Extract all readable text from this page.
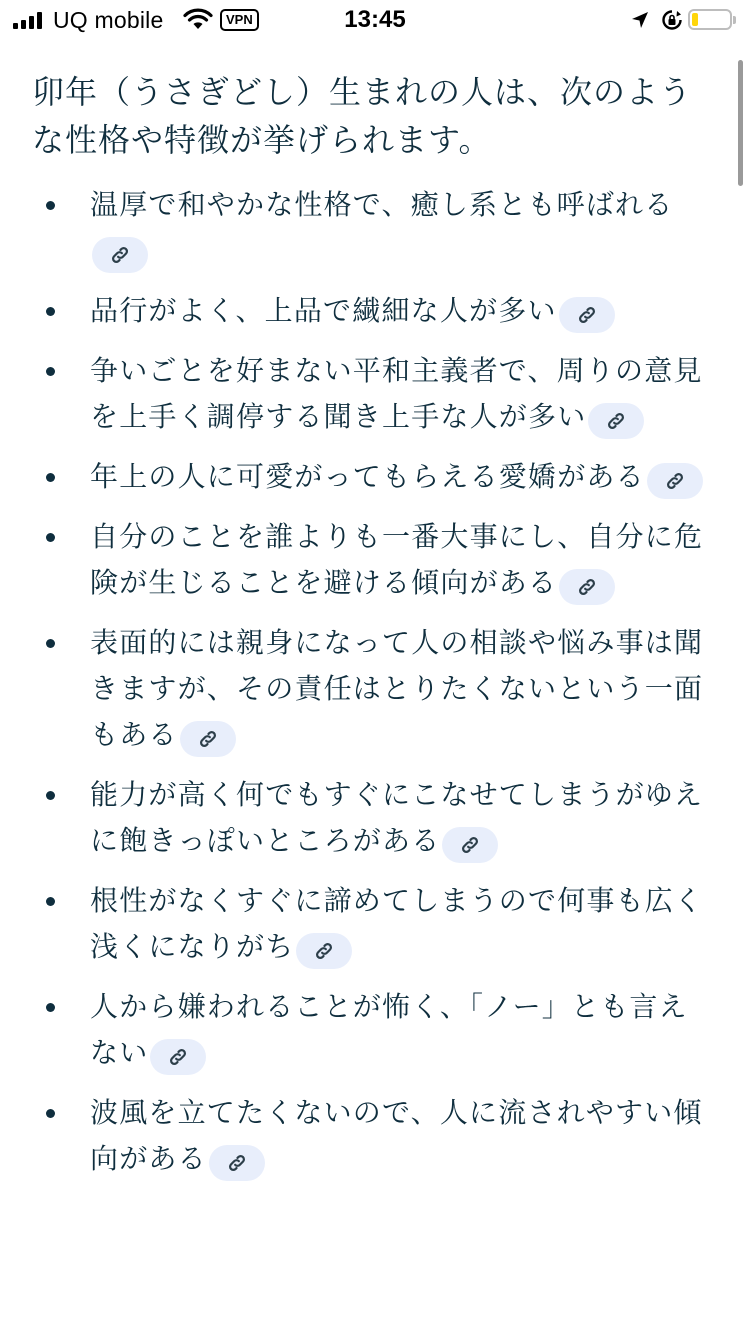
UQ mobile	VPN	13:45

卯年（うさぎどし）生まれの人は、次のような性格や特徴が挙げられます。

温厚で和やかな性格で、癒し系とも呼ばれる
品行がよく、上品で繊細な人が多い
争いごとを好まない平和主義者で、周りの意見を上手く調停する聞き上手な人が多い
年上の人に可愛がってもらえる愛嬌がある
自分のことを誰よりも一番大事にし、自分に危険が生じることを避ける傾向がある
表面的には親身になって人の相談や悩み事は聞きますが、その責任はとりたくないという一面もある
能力が高く何でもすぐにこなせてしまうがゆえに飽きっぽいところがある
根性がなくすぐに諦めてしまうので何事も広く浅くになりがち
人から嫌われることが怖く、「ノー」とも言えない
波風を立てたくないので、人に流されやすい傾向がある
